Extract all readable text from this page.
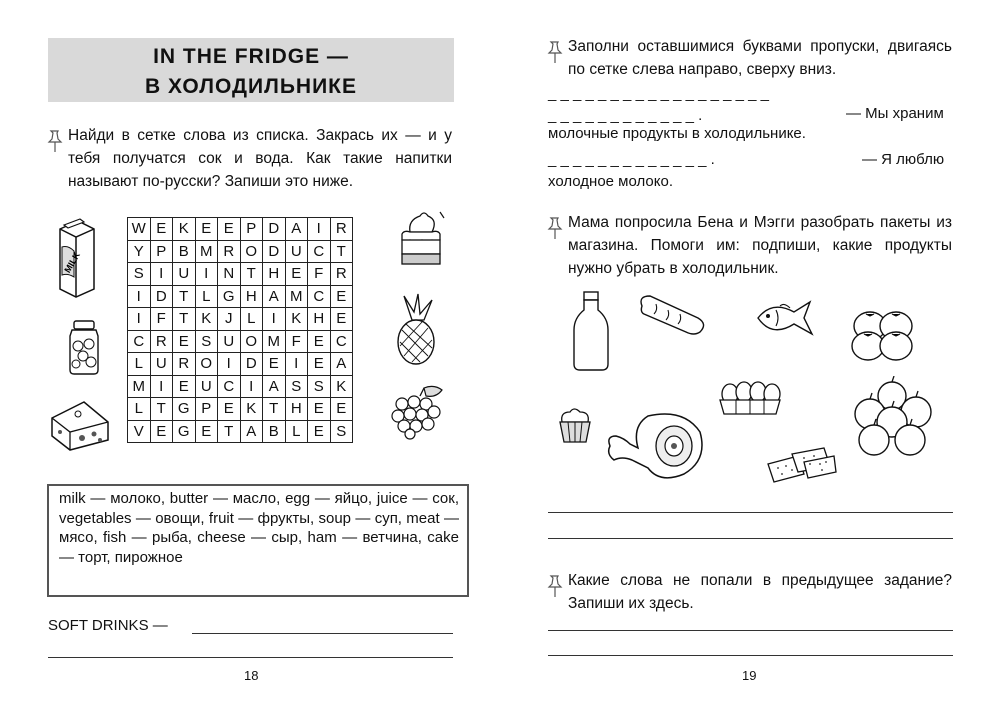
IN THE FRIDGE —
В ХОЛОДИЛЬНИКЕ

Найди в сетке слова из списка. Закрась их — и у тебя получатся сок и вода. Как такие напитки называют по-русски? Запиши это ниже.

MILK
W	E	K	E	E	P	D	A	I	R
Y	P	B	M	R	O	D	U	C	T
S	I	U	I	N	T	H	E	F	R
I	D	T	L	G	H	A	M	C	E
I	F	T	K	J	L	I	K	H	E
C	R	E	S	U	O	M	F	E	C
L	U	R	O	I	D	E	I	E	A
M	I	E	U	C	I	A	S	S	K
L	T	G	P	E	K	T	H	E	E
V	E	G	E	T	A	B	L	E	S

milk — молоко, butter — масло, egg — яйцо, juice — сок, vegetables — овощи, fruit — фрукты, soup — суп, meat — мясо, fish — рыба, cheese — сыр, ham — ветчина, cake — торт, пирожное

SOFT DRINKS —
18

Заполни оставшимися буквами пропуски, двигаясь по сетке слева направо, сверху вниз.

_ _ _ _ _ _ _ _ _ _ _ _ _ _ _ _ _ _
_ _ _ _ _ _ _ _ _ _ _ _ .	— Мы храним
молочные продукты в холодильнике.
_ _ _ _ _ _ _ _ _ _ _ _ _ .	— Я люблю
холодное молоко.

Мама попросила Бена и Мэгги разобрать пакеты из магазина. Помоги им: подпиши, какие продукты нужно убрать в холодильник.

Какие слова не попали в предыдущее задание? Запиши их здесь.

19
